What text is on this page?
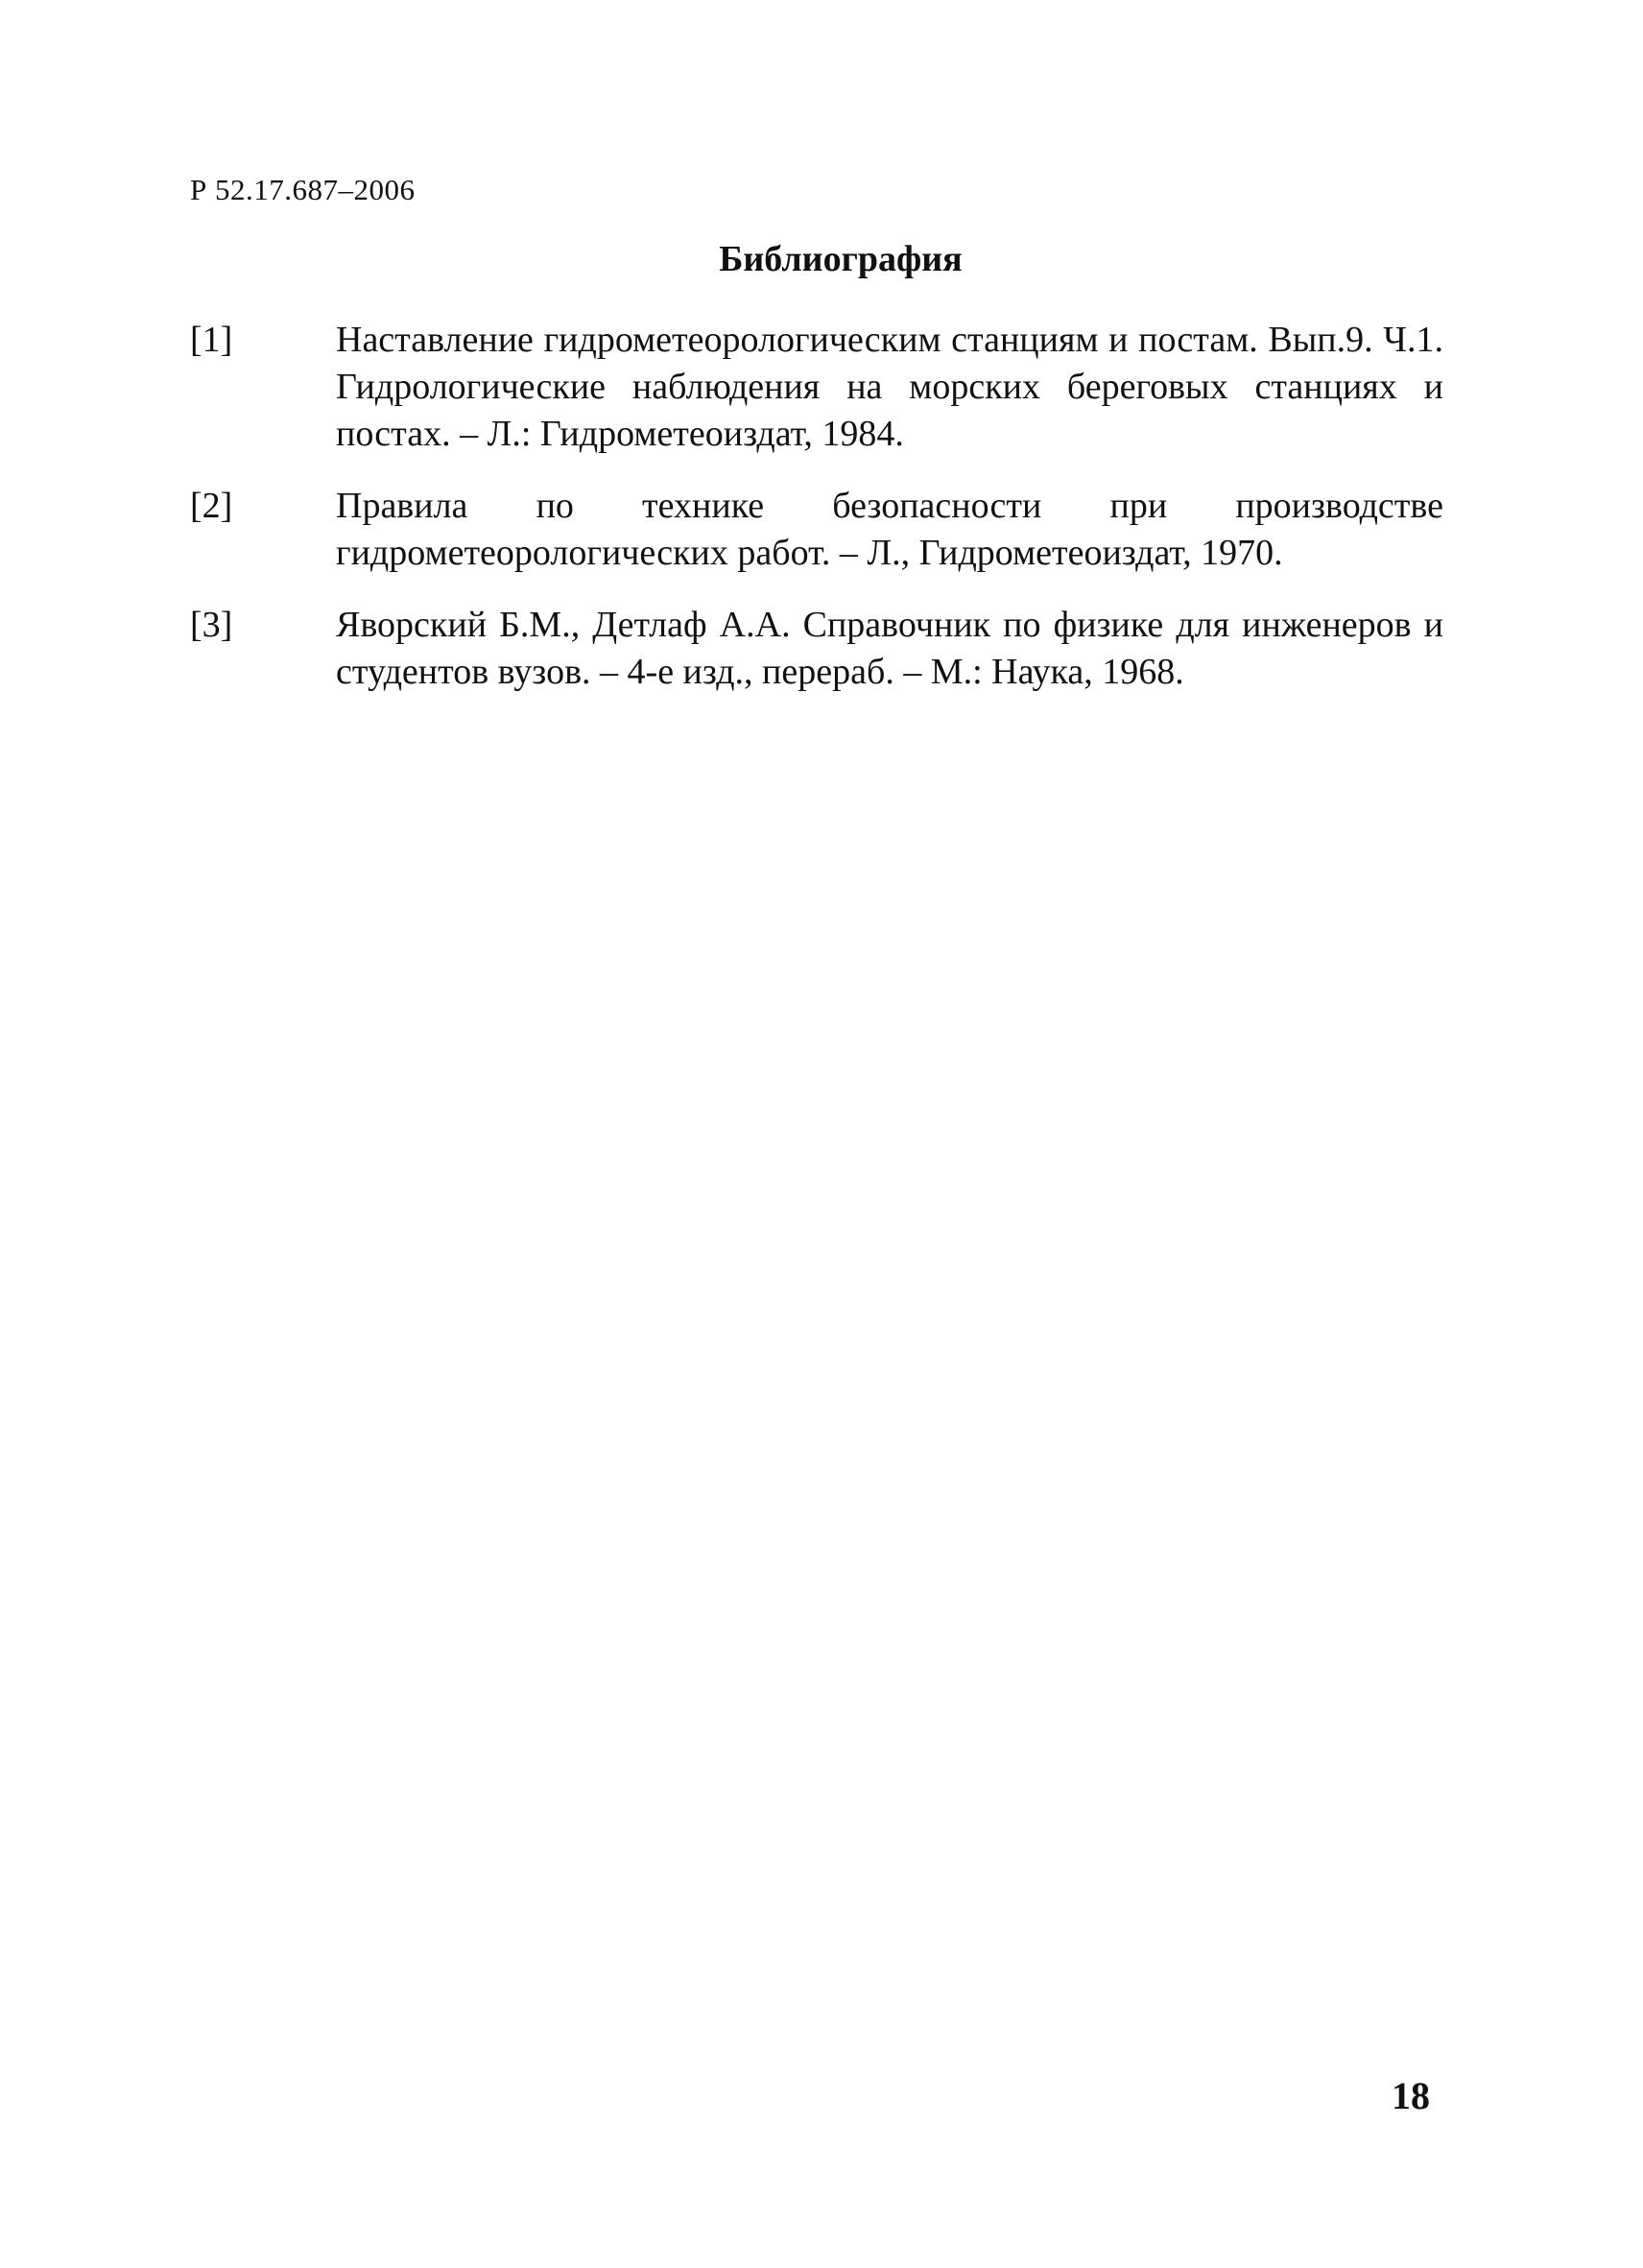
Р 52.17.687–2006
Библиография
[1]	Наставление гидрометеорологическим станциям и постам. Вып.9. Ч.1. Гидрологические наблюдения на морских береговых станциях и постах. – Л.: Гидрометеоиздат, 1984.
[2]	Правила по технике безопасности при производстве гидрометеорологических работ. – Л., Гидрометеоиздат, 1970.
[3]	Яворский Б.М., Детлаф А.А. Справочник по физике для инженеров и студентов вузов. – 4-е изд., перераб. – М.: Наука, 1968.
18
